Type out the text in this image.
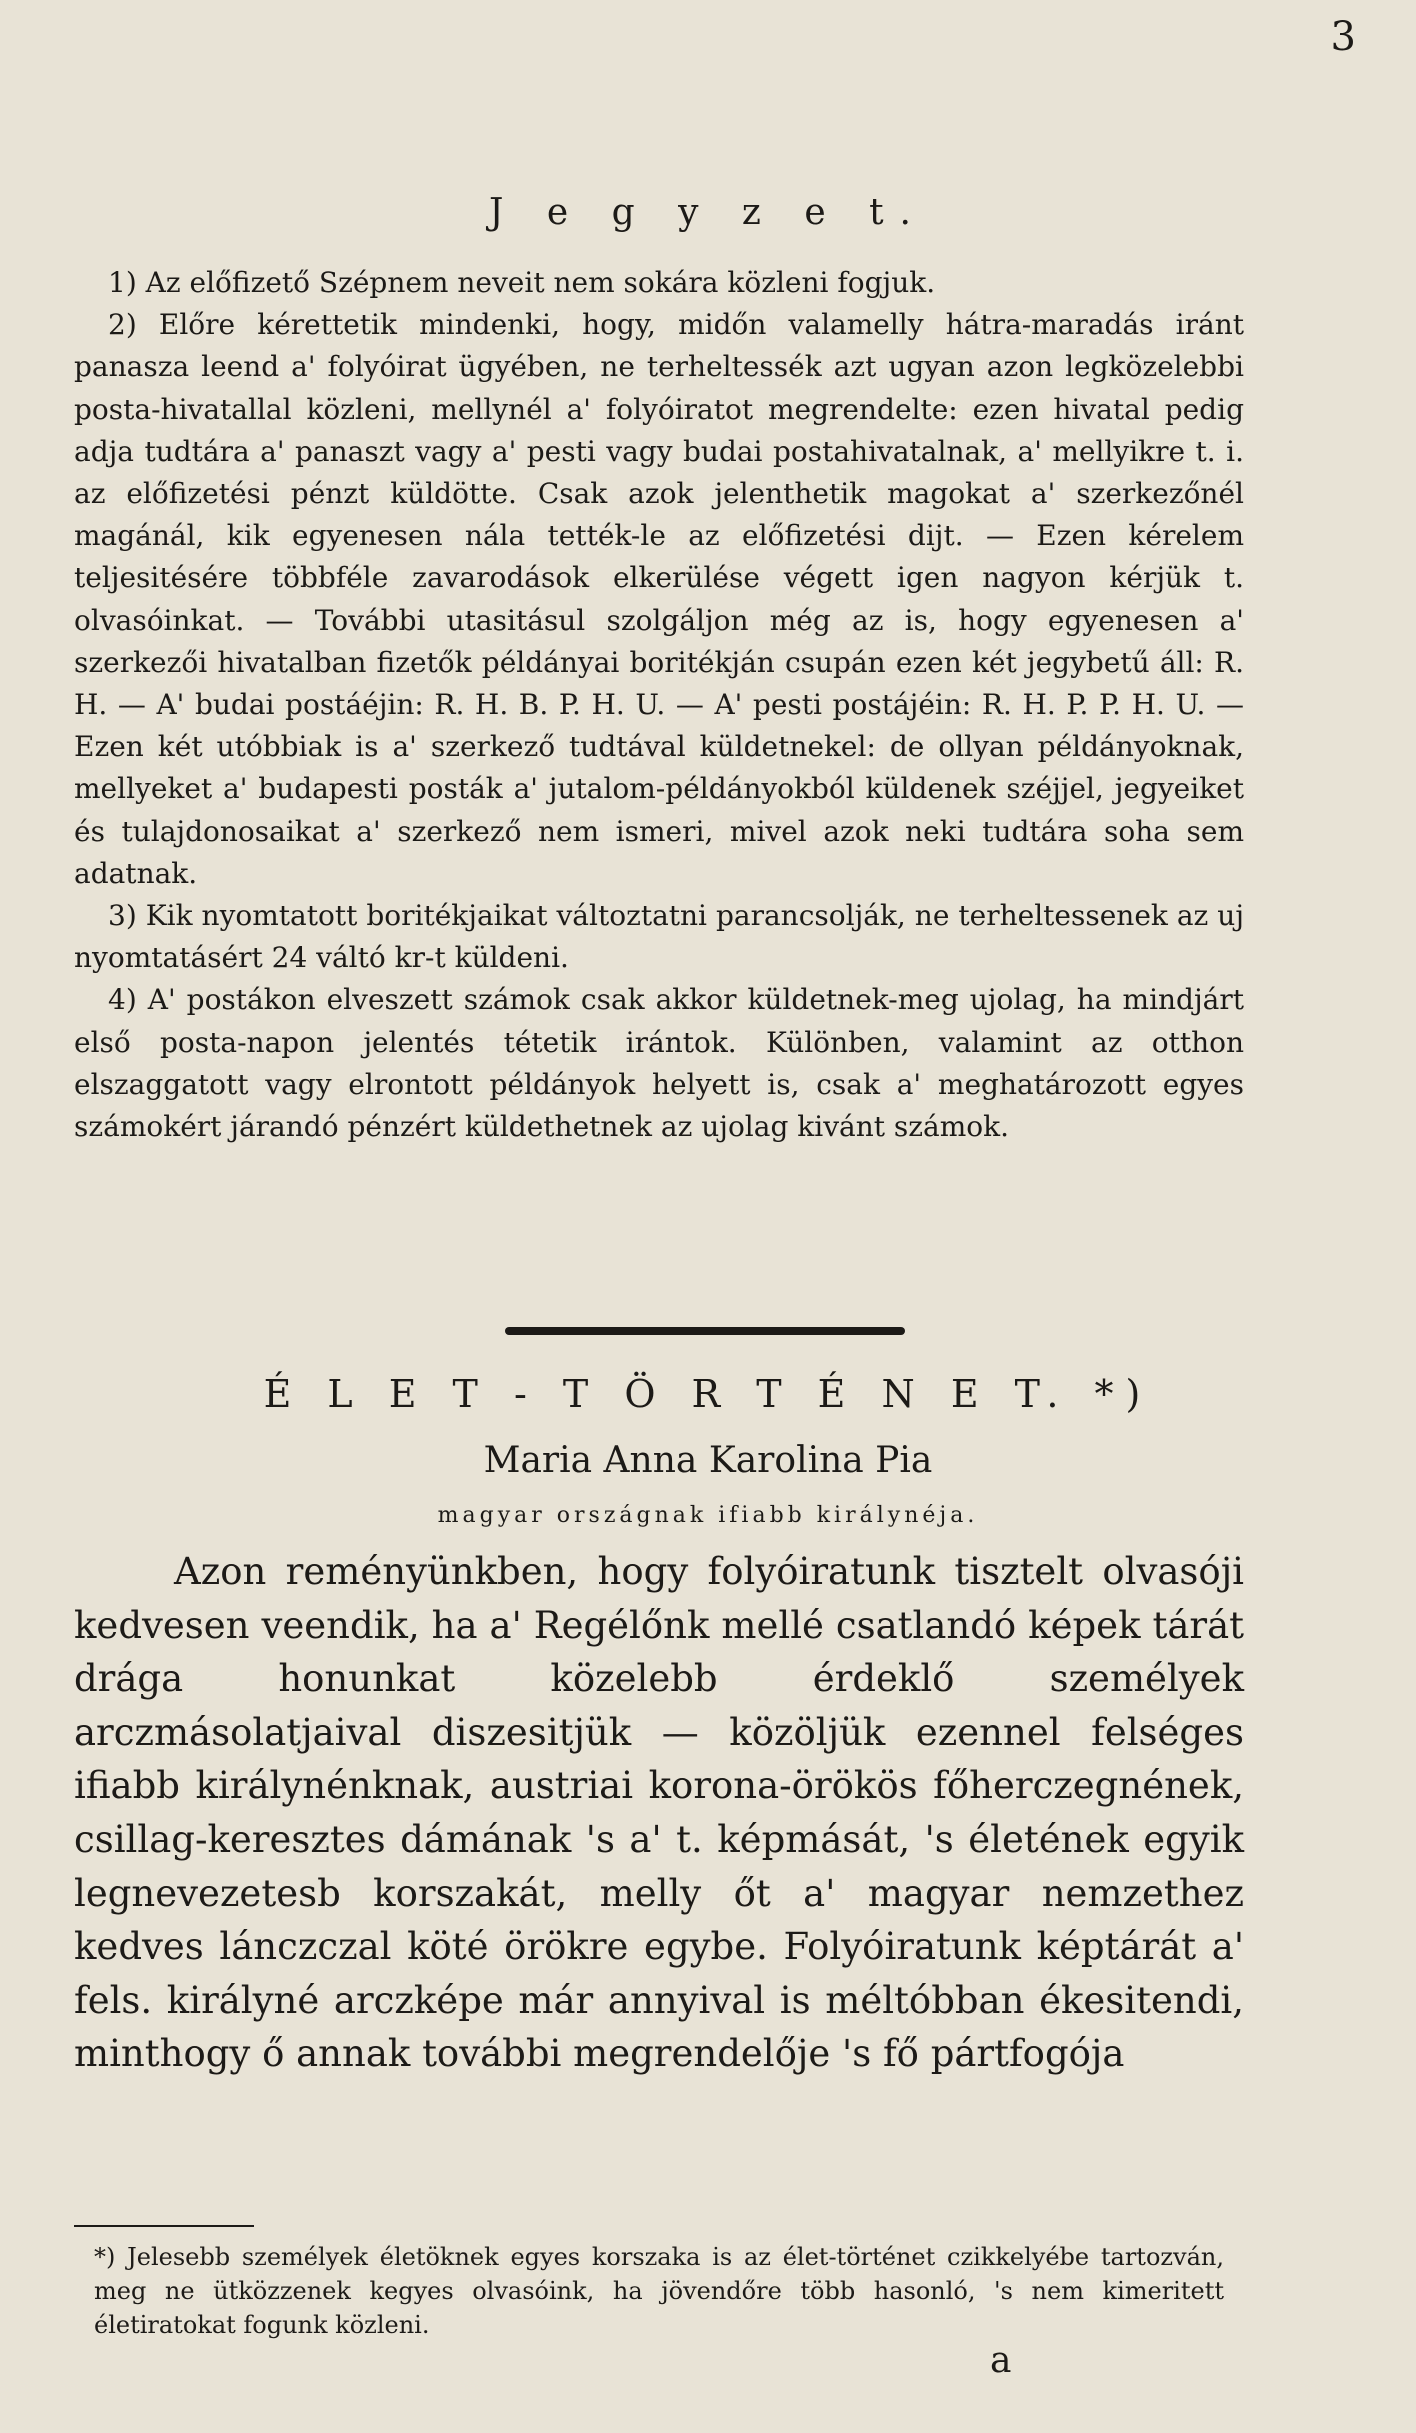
3
J e g y z e t.

1) Az előfizető Szépnem neveit nem sokára közleni fogjuk.

2) Előre kérettetik mindenki, hogy, midőn valamelly hátra-maradás iránt panasza leend a' folyóirat ügyében, ne terheltessék azt ugyan azon legközelebbi posta-hivatallal közleni, mellynél a' folyóiratot megrendelte: ezen hivatal pedig adja tudtára a' panaszt vagy a' pesti vagy budai postahivatalnak, a' mellyikre t. i. az előfizetési pénzt küldötte. Csak azok jelenthetik magokat a' szerkezőnél magánál, kik egyenesen nála tették-le az előfizetési dijt. — Ezen kérelem teljesitésére többféle zavarodások elkerülése végett igen nagyon kérjük t. olvasóinkat. — További utasitásul szolgáljon még az is, hogy egyenesen a' szerkezői hivatalban fizetők példányai boritékján csupán ezen két jegybetű áll: R. H. — A' budai postáéjin: R. H. B. P. H. U. — A' pesti postájéin: R. H. P. P. H. U. — Ezen két utóbbiak is a' szerkező tudtával küldetnekel: de ollyan példányoknak, mellyeket a' budapesti posták a' jutalom-példányokból küldenek széjjel, jegyeiket és tulajdonosaikat a' szerkező nem ismeri, mivel azok neki tudtára soha sem adatnak.

3) Kik nyomtatott boritékjaikat változtatni parancsolják, ne terheltessenek az uj nyomtatásért 24 váltó kr-t küldeni.

4) A' postákon elveszett számok csak akkor küldetnek-meg ujolag, ha mindjárt első posta-napon jelentés tétetik irántok. Különben, valamint az otthon elszaggatott vagy elrontott példányok helyett is, csak a' meghatározott egyes számokért járandó pénzért küldethetnek az ujolag kivánt számok.

É L E T - T Ö R T É N E T. *)
Maria Anna Karolina Pia
magyar országnak ifiabb királynéja.

Azon reményünkben, hogy folyóiratunk tisztelt olvasóji kedvesen veendik, ha a' Regélőnk mellé csatlandó képek tárát drága honunkat közelebb érdeklő személyek arczmásolatjaival diszesitjük — közöljük ezennel felséges ifiabb királynénknak, austriai korona-örökös főherczegnének, csillag-keresztes dámának 's a' t. képmását, 's életének egyik legnevezetesb korszakát, melly őt a' magyar nemzethez kedves lánczczal köté örökre egybe. Folyóiratunk képtárát a' fels. királyné arczképe már annyival is méltóbban ékesitendi, minthogy ő annak további megrendelője 's fő pártfogója

*) Jelesebb személyek életöknek egyes korszaka is az élet-történet czikkelyébe tartozván, meg ne ütközzenek kegyes olvasóink, ha jövendőre több hasonló, 's nem kimeritett életiratokat fogunk közleni.

a
